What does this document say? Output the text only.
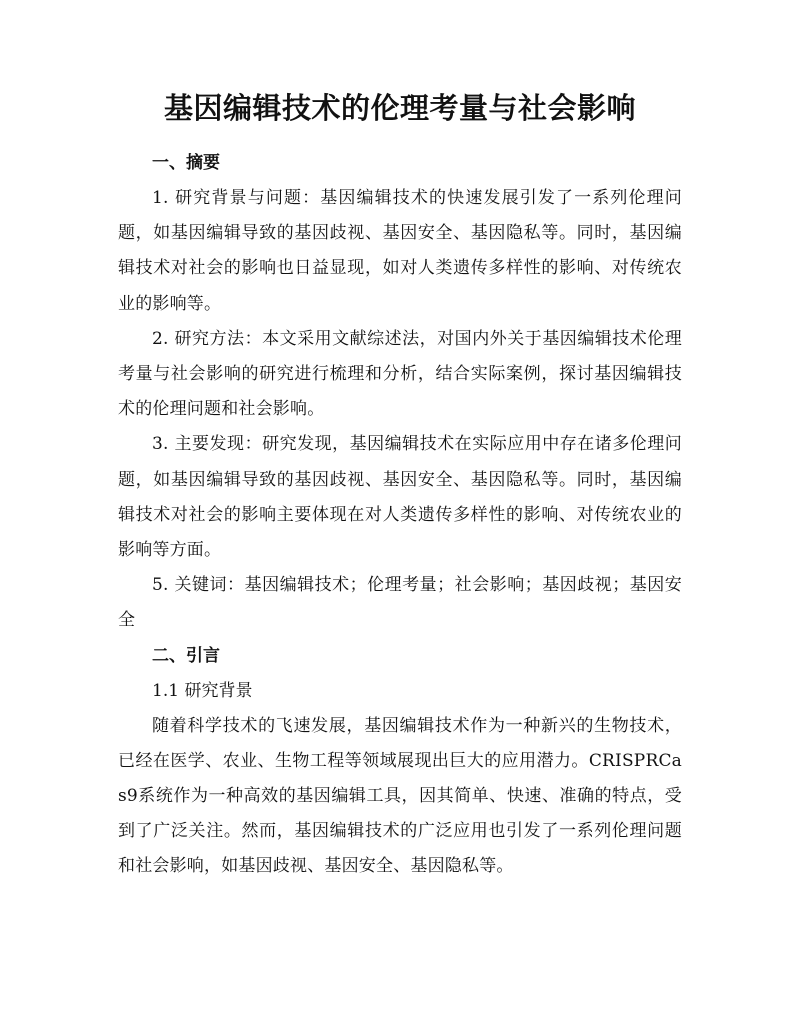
基因编辑技术的伦理考量与社会影响

一、摘要

1. 研究背景与问题：基因编辑技术的快速发展引发了一系列伦理问题，如基因编辑导致的基因歧视、基因安全、基因隐私等。同时，基因编辑技术对社会的影响也日益显现，如对人类遗传多样性的影响、对传统农业的影响等。

2. 研究方法：本文采用文献综述法，对国内外关于基因编辑技术伦理考量与社会影响的研究进行梳理和分析，结合实际案例，探讨基因编辑技术的伦理问题和社会影响。

3. 主要发现：研究发现，基因编辑技术在实际应用中存在诸多伦理问题，如基因编辑导致的基因歧视、基因安全、基因隐私等。同时，基因编辑技术对社会的影响主要体现在对人类遗传多样性的影响、对传统农业的影响等方面。

5. 关键词：基因编辑技术；伦理考量；社会影响；基因歧视；基因安全

二、引言

1.1 研究背景

随着科学技术的飞速发展，基因编辑技术作为一种新兴的生物技术，已经在医学、农业、生物工程等领域展现出巨大的应用潜力。CRISPRCas9系统作为一种高效的基因编辑工具，因其简单、快速、准确的特点，受到了广泛关注。然而，基因编辑技术的广泛应用也引发了一系列伦理问题和社会影响，如基因歧视、基因安全、基因隐私等。
